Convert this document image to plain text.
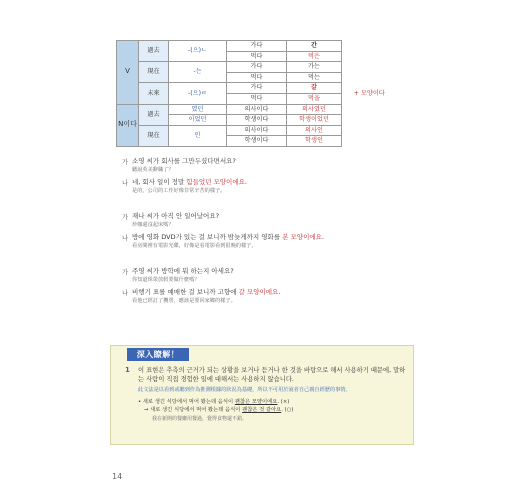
V	過去	-(으)ㄴ	가다	간	+ 모양이다
			먹다	먹은	
	現在	-는	가다	가는	
			먹다	먹는	
	未來	-(으)ㄹ	가다	갈	
			먹다	먹을	
N이다	過去	였던	의사이다	의사였던	
		이었던	학생이다	학생이었던	
	現在	인	의사이다	의사인	
			학생이다	학생인	
가 소영 씨가 회사를 그만두셨다면서요?
聽說英美辭職了？
나 네, 회사 일이 정말 힘들었던 모양이에요.
是的，公司的工作好像非常辛苦的樣子。
가 재나 씨가 아직 안 일어났어요?
珍娜還沒起床嗎？
나 방에 영화 DVD가 있는 걸 보니까 밤늦게까지 영화를 본 모양이에요.
看房間裡有電影光碟，好像是看電影看到很晚的樣子。
가 주영 씨가 방학에 뭐 하는지 아세요?
你知道珠榮放假要做什麼嗎？
나 비행기 표를 예매한 걸 보니까 고향에 갈 모양이에요.
看他已經訂了機票，應該是要回家鄉的樣子。
深入瞭解！
1 이 표현은 추측의 근거가 되는 상황을 보거나 듣거나 한 것을 바탕으로 해서 사용하기 때문에, 말하는 사람이 직접 경험한 일에 대해서는 사용하지 않습니다.

此文法是以看到或聽到作為推測根據的狀況為基礎，所以不可用於說者自己親自經歷的事情。

• 새로 생긴 식당에서 먹어 봤는데 음식이 괜찮은 모양이에요. (×)

→ 새로 생긴 식당에서 먹어 봤는데 음식이 괜찮은 것 같아요. (○)

我在新開的餐廳用餐過，覺得食物還不錯。

14
